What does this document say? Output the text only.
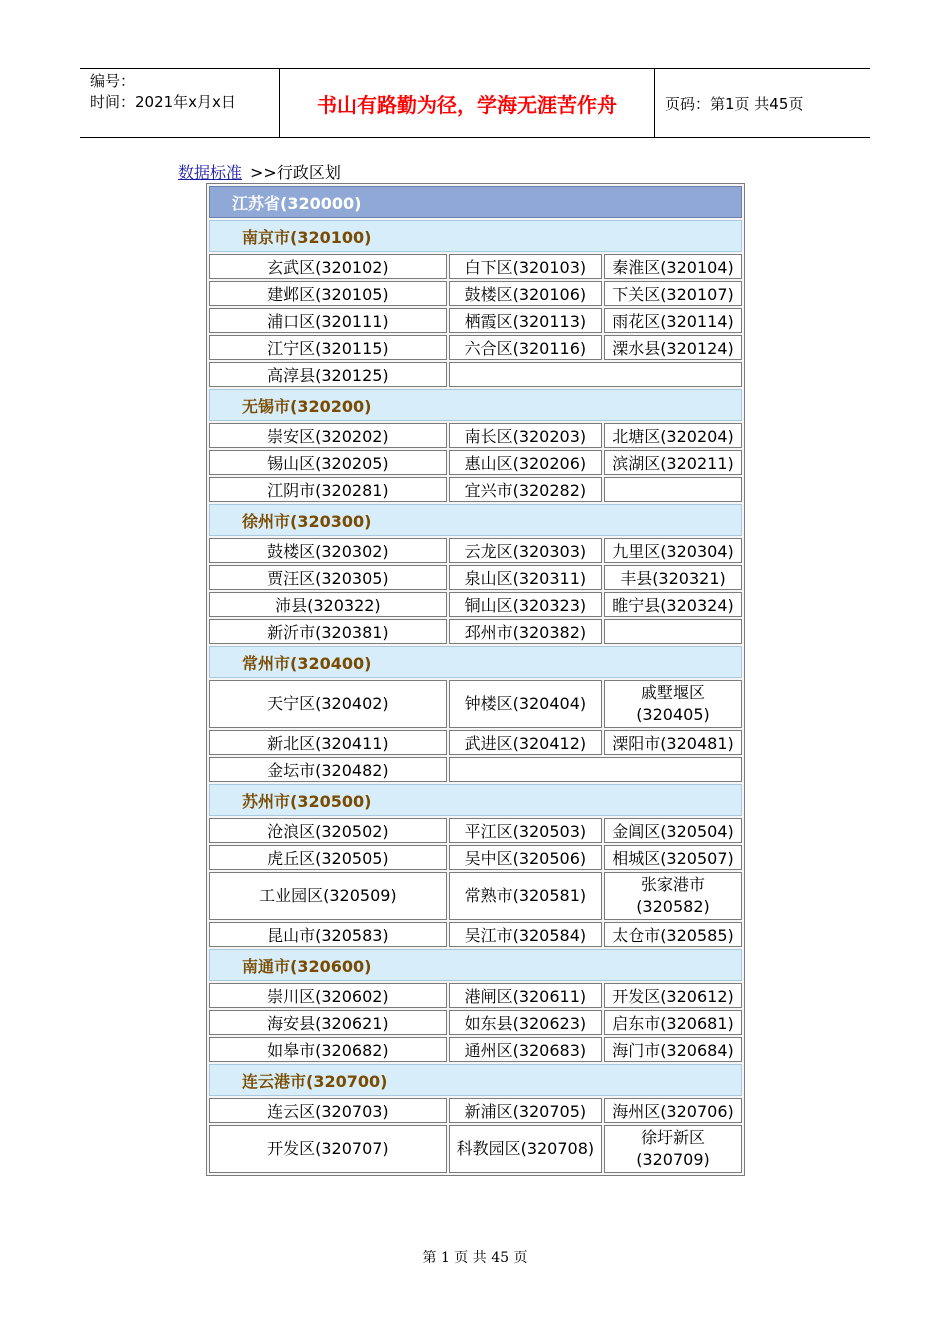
编号：
时间：2021年x月x日	书山有路勤为径，学海无涯苦作舟	页码：第1页 共45页
数据标准 >>行政区划
江苏省(320000)		
南京市(320100)		
玄武区(320102)	白下区(320103)	秦淮区(320104)
建邺区(320105)	鼓楼区(320106)	下关区(320107)
浦口区(320111)	栖霞区(320113)	雨花区(320114)
江宁区(320115)	六合区(320116)	溧水县(320124)
高淳县(320125)		
无锡市(320200)		
崇安区(320202)	南长区(320203)	北塘区(320204)
锡山区(320205)	惠山区(320206)	滨湖区(320211)
江阴市(320281)	宜兴市(320282)	
徐州市(320300)		
鼓楼区(320302)	云龙区(320303)	九里区(320304)
贾汪区(320305)	泉山区(320311)	丰县(320321)
沛县(320322)	铜山区(320323)	睢宁县(320324)
新沂市(320381)	邳州市(320382)	
常州市(320400)		
天宁区(320402)	钟楼区(320404)	戚墅堰区(320405)
新北区(320411)	武进区(320412)	溧阳市(320481)
金坛市(320482)		
苏州市(320500)		
沧浪区(320502)	平江区(320503)	金阊区(320504)
虎丘区(320505)	吴中区(320506)	相城区(320507)
工业园区(320509)	常熟市(320581)	张家港市(320582)
昆山市(320583)	吴江市(320584)	太仓市(320585)
南通市(320600)		
崇川区(320602)	港闸区(320611)	开发区(320612)
海安县(320621)	如东县(320623)	启东市(320681)
如皋市(320682)	通州区(320683)	海门市(320684)
连云港市(320700)		
连云区(320703)	新浦区(320705)	海州区(320706)
开发区(320707)	科教园区(320708)	徐圩新区(320709)
第 1 页 共 45 页
